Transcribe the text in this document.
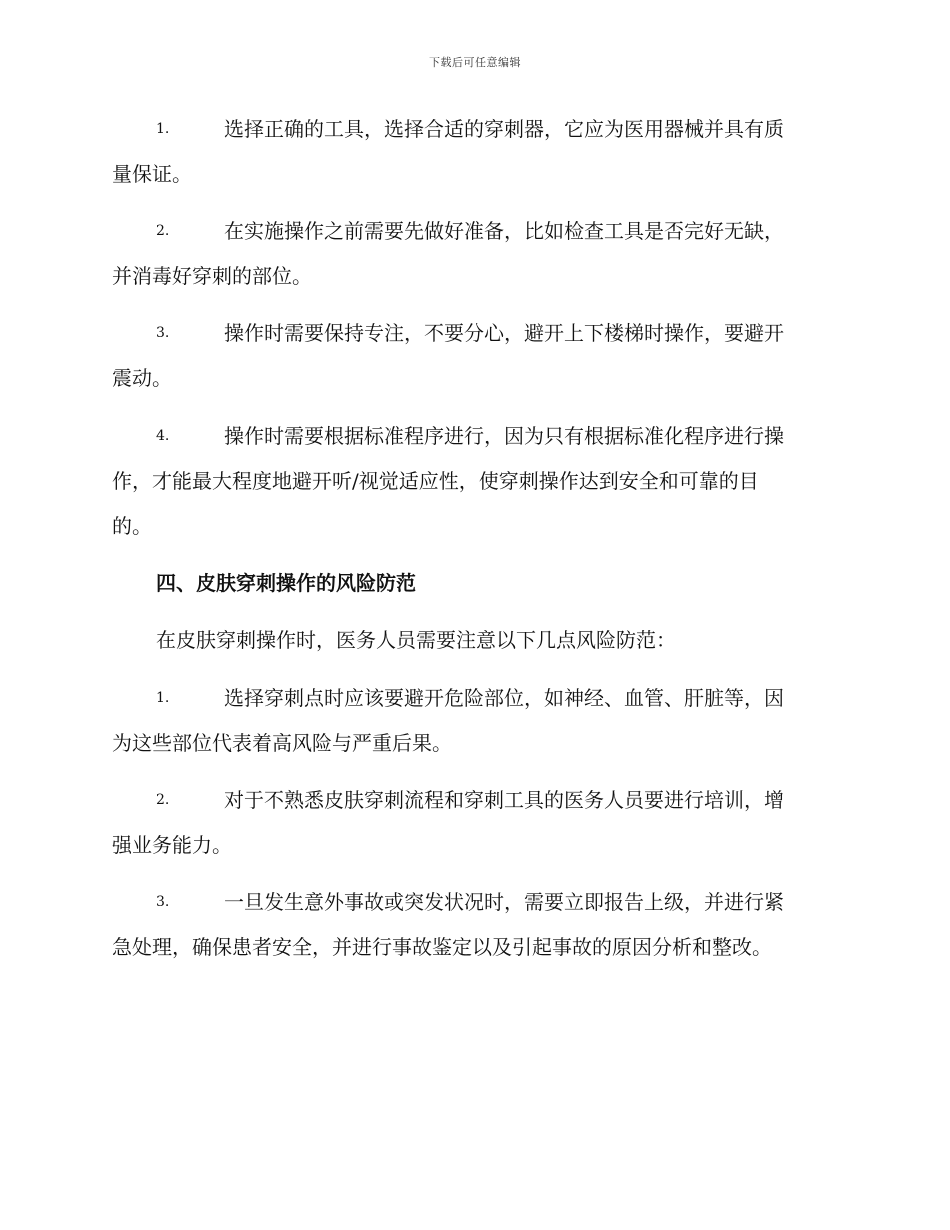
下载后可任意编辑
1.	选择正确的工具，选择合适的穿刺器，它应为医用器械并具有质
量保证。
2.	在实施操作之前需要先做好准备，比如检查工具是否完好无缺，
并消毒好穿刺的部位。
3.	操作时需要保持专注，不要分心，避开上下楼梯时操作，要避开
震动。
4.	操作时需要根据标准程序进行，因为只有根据标准化程序进行操
作，才能最大程度地避开听/视觉适应性，使穿刺操作达到安全和可靠的目
的。
四、皮肤穿刺操作的风险防范
在皮肤穿刺操作时，医务人员需要注意以下几点风险防范：
1.	选择穿刺点时应该要避开危险部位，如神经、血管、肝脏等，因
为这些部位代表着高风险与严重后果。
2.	对于不熟悉皮肤穿刺流程和穿刺工具的医务人员要进行培训，增
强业务能力。
3.	一旦发生意外事故或突发状况时，需要立即报告上级，并进行紧
急处理，确保患者安全，并进行事故鉴定以及引起事故的原因分析和整改。
